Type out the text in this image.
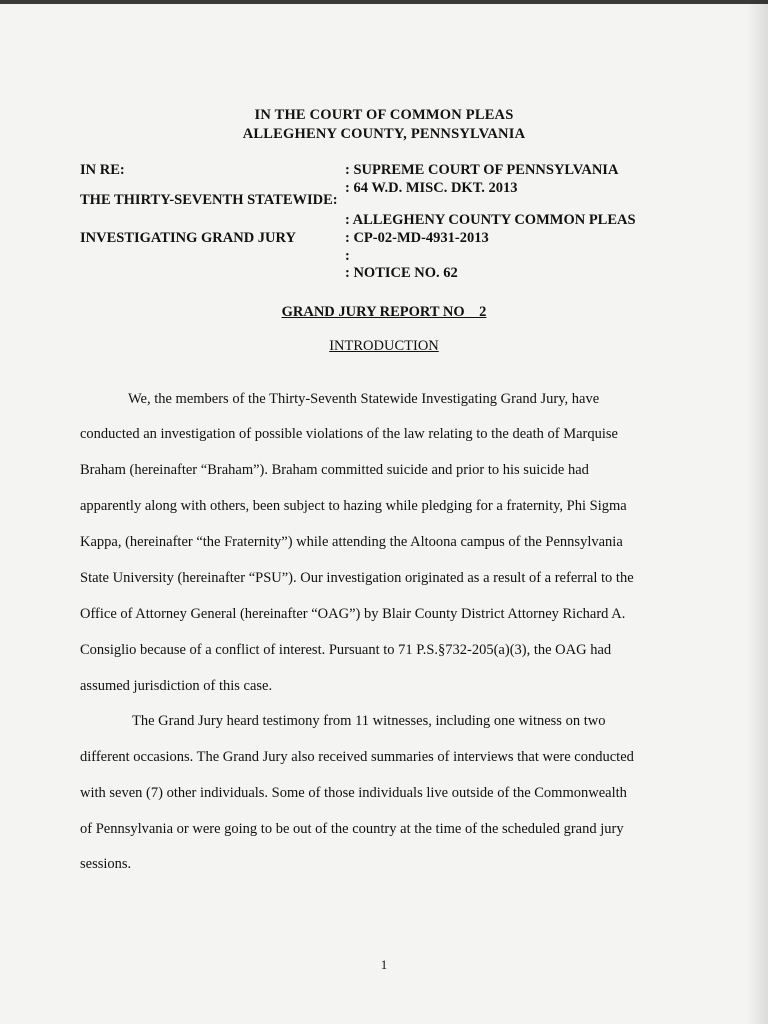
IN THE COURT OF COMMON PLEAS
ALLEGHENY COUNTY, PENNSYLVANIA
IN RE:
THE THIRTY-SEVENTH STATEWIDE:
INVESTIGATING GRAND JURY
: SUPREME COURT OF PENNSYLVANIA
: 64 W.D. MISC. DKT. 2013
: ALLEGHENY COUNTY COMMON PLEAS
: CP-02-MD-4931-2013
:
: NOTICE NO. 62
GRAND JURY REPORT NO    2
INTRODUCTION
We, the members of the Thirty-Seventh Statewide Investigating Grand Jury, have
conducted an investigation of possible violations of the law relating to the death of Marquise
Braham (hereinafter “Braham”). Braham committed suicide and prior to his suicide had
apparently along with others, been subject to hazing while pledging for a fraternity, Phi Sigma
Kappa, (hereinafter “the Fraternity”) while attending the Altoona campus of the Pennsylvania
State University (hereinafter “PSU”). Our investigation originated as a result of a referral to the
Office of Attorney General (hereinafter “OAG”) by Blair County District Attorney Richard A.
Consiglio because of a conflict of interest. Pursuant to 71 P.S.§732-205(a)(3), the OAG had
assumed jurisdiction of this case.
The Grand Jury heard testimony from 11 witnesses, including one witness on two
different occasions. The Grand Jury also received summaries of interviews that were conducted
with seven (7) other individuals. Some of those individuals live outside of the Commonwealth
of Pennsylvania or were going to be out of the country at the time of the scheduled grand jury
sessions.
1
